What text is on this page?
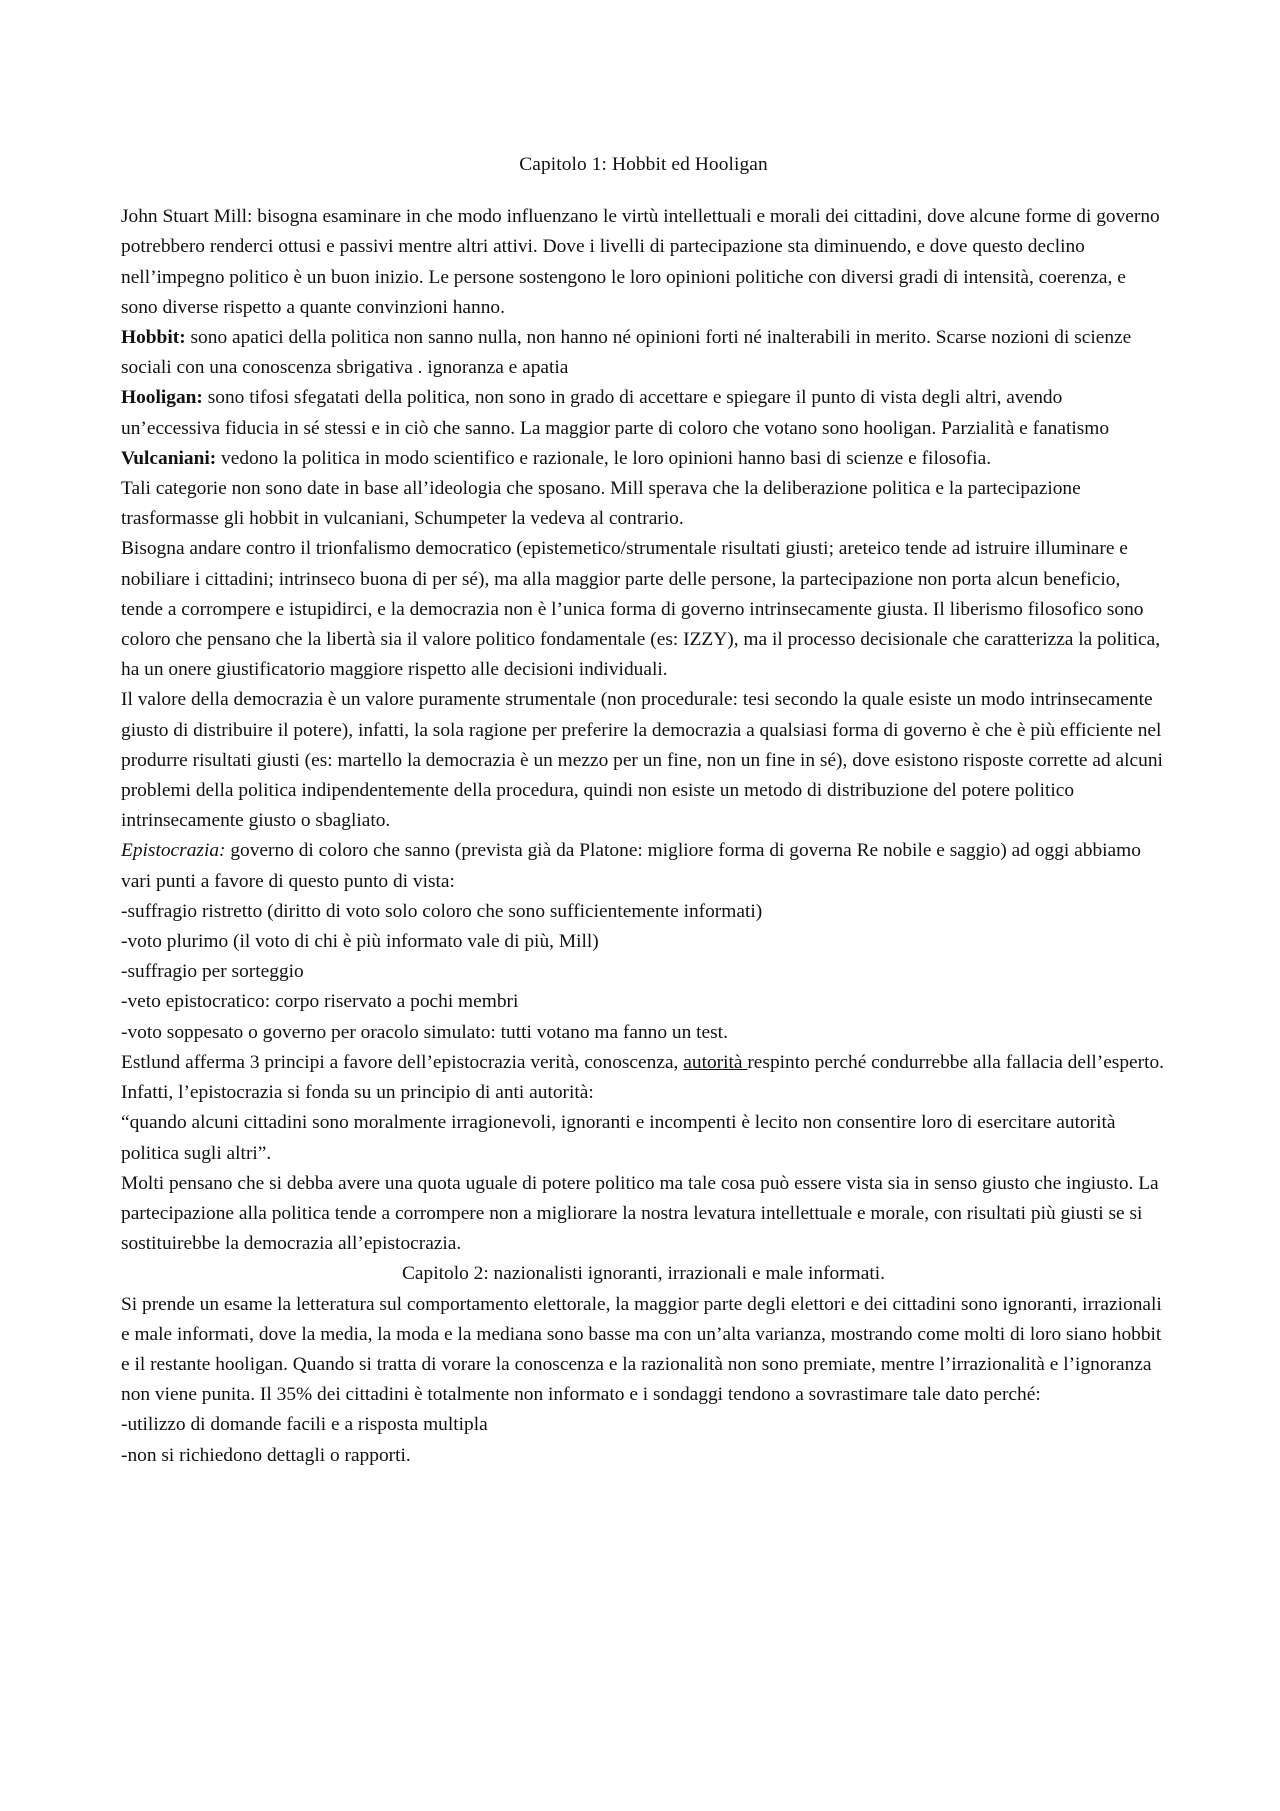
Capitolo 1: Hobbit ed Hooligan

John Stuart Mill: bisogna esaminare in che modo influenzano le virtù intellettuali e morali dei cittadini, dove alcune forme di governo potrebbero renderci ottusi e passivi mentre altri attivi. Dove i livelli di partecipazione sta diminuendo, e dove questo declino nell’impegno politico è un buon inizio. Le persone sostengono le loro opinioni politiche con diversi gradi di intensità, coerenza, e sono diverse rispetto a quante convinzioni hanno.

Hobbit: sono apatici della politica non sanno nulla, non hanno né opinioni forti né inalterabili in merito. Scarse nozioni di scienze sociali con una conoscenza sbrigativa . ignoranza e apatia

Hooligan: sono tifosi sfegatati della politica, non sono in grado di accettare e spiegare il punto di vista degli altri, avendo un’eccessiva fiducia in sé stessi e in ciò che sanno. La maggior parte di coloro che votano sono hooligan. Parzialità e fanatismo

Vulcaniani: vedono la politica in modo scientifico e razionale, le loro opinioni hanno basi di scienze e filosofia.

Tali categorie non sono date in base all’ideologia che sposano. Mill sperava che la deliberazione politica e la partecipazione trasformasse gli hobbit in vulcaniani, Schumpeter la vedeva al contrario.

Bisogna andare contro il trionfalismo democratico (epistemetico/strumentale risultati giusti; areteico tende ad istruire illuminare e nobiliare i cittadini; intrinseco buona di per sé), ma alla maggior parte delle persone, la partecipazione non porta alcun beneficio, tende a corrompere e istupidirci, e la democrazia non è l’unica forma di governo intrinsecamente giusta. Il liberismo filosofico sono coloro che pensano che la libertà sia il valore politico fondamentale (es: IZZY), ma il processo decisionale che caratterizza la politica, ha un onere giustificatorio maggiore rispetto alle decisioni individuali.

Il valore della democrazia è un valore puramente strumentale (non procedurale: tesi secondo la quale esiste un modo intrinsecamente giusto di distribuire il potere), infatti, la sola ragione per preferire la democrazia a qualsiasi forma di governo è che è più efficiente nel produrre risultati giusti (es: martello la democrazia è un mezzo per un fine, non un fine in sé), dove esistono risposte corrette ad alcuni problemi della politica indipendentemente della procedura, quindi non esiste un metodo di distribuzione del potere politico intrinsecamente giusto o sbagliato.

Epistocrazia: governo di coloro che sanno (prevista già da Platone: migliore forma di governa Re nobile e saggio) ad oggi abbiamo vari punti a favore di questo punto di vista:

-suffragio ristretto (diritto di voto solo coloro che sono sufficientemente informati)

-voto plurimo (il voto di chi è più informato vale di più, Mill)

-suffragio per sorteggio

-veto epistocratico: corpo riservato a pochi membri

-voto soppesato o governo per oracolo simulato: tutti votano ma fanno un test.

Estlund afferma 3 principi a favore dell’epistocrazia verità, conoscenza, autorità respinto perché condurrebbe alla fallacia dell’esperto. Infatti, l’epistocrazia si fonda su un principio di anti autorità:

“quando alcuni cittadini sono moralmente irragionevoli, ignoranti e incompenti è lecito non consentire loro di esercitare autorità politica sugli altri”.

Molti pensano che si debba avere una quota uguale di potere politico ma tale cosa può essere vista sia in senso giusto che ingiusto. La partecipazione alla politica tende a corrompere non a migliorare la nostra levatura intellettuale e morale, con risultati più giusti se si sostituirebbe la democrazia all’epistocrazia.

Capitolo 2: nazionalisti ignoranti, irrazionali e male informati.

Si prende un esame la letteratura sul comportamento elettorale, la maggior parte degli elettori e dei cittadini sono ignoranti, irrazionali e male informati, dove la media, la moda e la mediana sono basse ma con un’alta varianza, mostrando come molti di loro siano hobbit e il restante hooligan. Quando si tratta di vorare la conoscenza e la razionalità non sono premiate, mentre l’irrazionalità e l’ignoranza non viene punita. Il 35% dei cittadini è totalmente non informato e i sondaggi tendono a sovrastimare tale dato perché:

-utilizzo di domande facili e a risposta multipla

-non si richiedono dettagli o rapporti.
